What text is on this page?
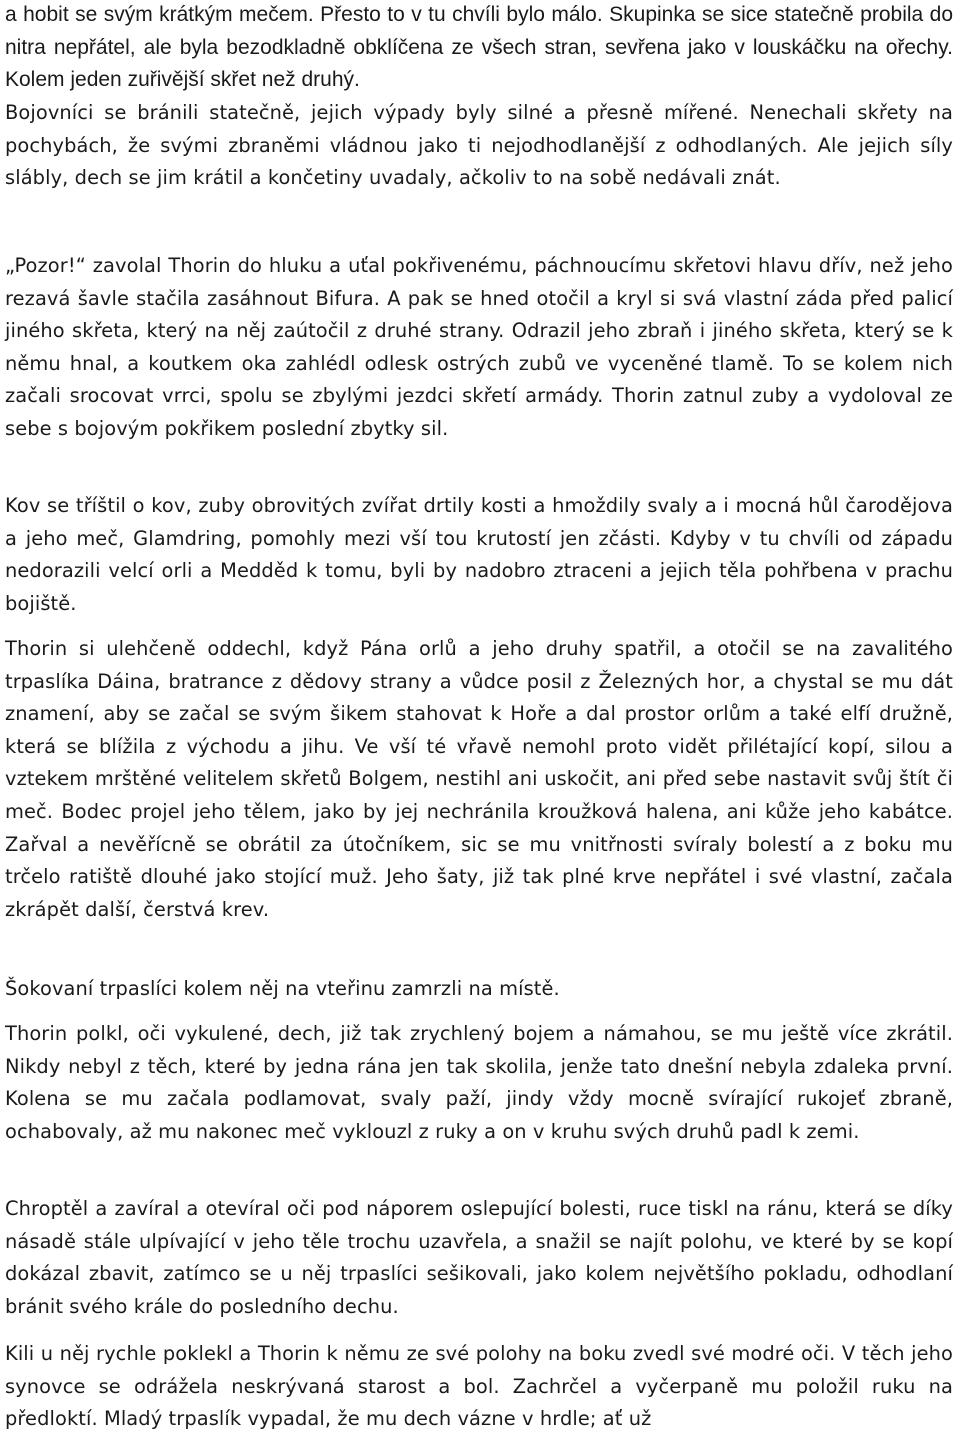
a hobit se svým krátkým mečem. Přesto to v tu chvíli bylo málo. Skupinka se sice statečně probila do nitra nepřátel, ale byla bezodkladně obklíčena ze všech stran, sevřena jako v louskáčku na ořechy. Kolem jeden zuřivější skřet než druhý.

Bojovníci se bránili statečně, jejich výpady byly silné a přesně mířené. Nenechali skřety na pochybách, že svými zbraněmi vládnou jako ti nejodhodlanější z odhodlaných. Ale jejich síly slábly, dech se jim krátil a končetiny uvadaly, ačkoliv to na sobě nedávali znát.

„Pozor!“ zavolal Thorin do hluku a uťal pokřivenému, páchnoucímu skřetovi hlavu dřív, než jeho rezavá šavle stačila zasáhnout Bifura. A pak se hned otočil a kryl si svá vlastní záda před palicí jiného skřeta, který na něj zaútočil z druhé strany. Odrazil jeho zbraň i jiného skřeta, který se k němu hnal, a koutkem oka zahlédl odlesk ostrých zubů ve vyceněné tlamě. To se kolem nich začali srocovat vrrci, spolu se zbylými jezdci skřetí armády. Thorin zatnul zuby a vydoloval ze sebe s bojovým pokřikem poslední zbytky sil.

Kov se tříštil o kov, zuby obrovitých zvířat drtily kosti a hmoždily svaly a i mocná hůl čarodějova a jeho meč, Glamdring, pomohly mezi vší tou krutostí jen zčásti. Kdyby v tu chvíli od západu nedorazili velcí orli a Medděd k tomu, byli by nadobro ztraceni a jejich těla pohřbena v prachu bojiště.

Thorin si ulehčeně oddechl, když Pána orlů a jeho druhy spatřil, a otočil se na zavalitého trpaslíka Dáina, bratrance z dědovy strany a vůdce posil z Železných hor, a chystal se mu dát znamení, aby se začal se svým šikem stahovat k Hoře a dal prostor orlům a také elfí družně, která se blížila z východu a jihu. Ve vší té vřavě nemohl proto vidět přilétající kopí, silou a vztekem mrštěné velitelem skřetů Bolgem, nestihl ani uskočit, ani před sebe nastavit svůj štít či meč. Bodec projel jeho tělem, jako by jej nechránila kroužková halena, ani kůže jeho kabátce. Zařval a nevěřícně se obrátil za útočníkem, sic se mu vnitřnosti svíraly bolestí a z boku mu trčelo ratiště dlouhé jako stojící muž. Jeho šaty, již tak plné krve nepřátel i své vlastní, začala zkrápět další, čerstvá krev.

Šokovaní trpaslíci kolem něj na vteřinu zamrzli na místě.

Thorin polkl, oči vykulené, dech, již tak zrychlený bojem a námahou, se mu ještě více zkrátil. Nikdy nebyl z těch, které by jedna rána jen tak skolila, jenže tato dnešní nebyla zdaleka první. Kolena se mu začala podlamovat, svaly paží, jindy vždy mocně svírající rukojeť zbraně, ochabovaly, až mu nakonec meč vyklouzl z ruky a on v kruhu svých druhů padl k zemi.

Chroptěl a zavíral a otevíral oči pod náporem oslepující bolesti, ruce tiskl na ránu, která se díky násadě stále ulpívající v jeho těle trochu uzavřela, a snažil se najít polohu, ve které by se kopí dokázal zbavit, zatímco se u něj trpaslíci sešikovali, jako kolem největšího pokladu, odhodlaní bránit svého krále do posledního dechu.

Kili u něj rychle poklekl a Thorin k němu ze své polohy na boku zvedl své modré oči. V těch jeho synovce se odrážela neskrývaná starost a bol. Zachrčel a vyčerpaně mu položil ruku na předloktí. Mladý trpaslík vypadal, že mu dech vázne v hrdle; ať už
